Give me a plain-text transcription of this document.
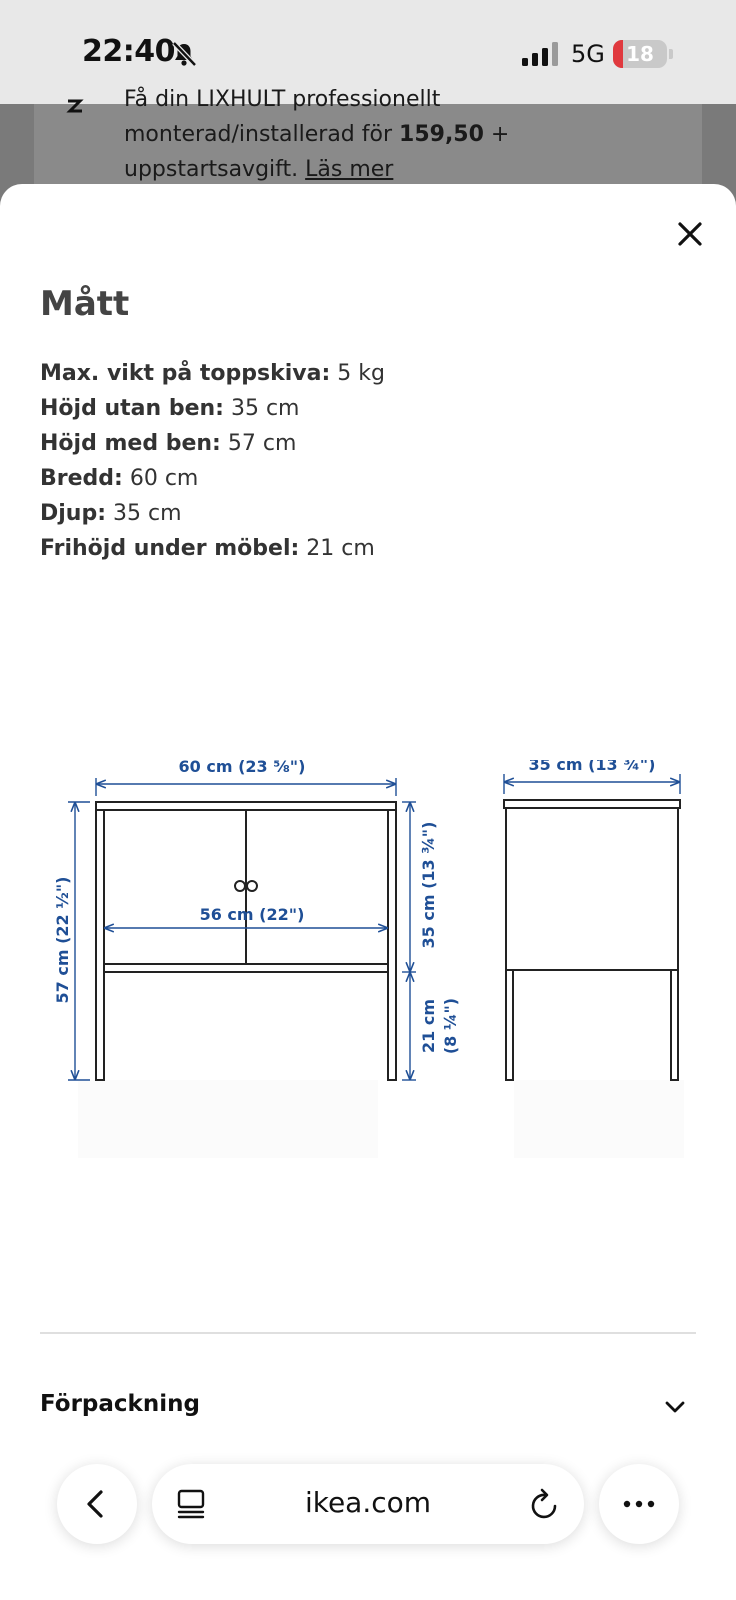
22:40	5G	18
Få din LIXHULT professionellt
monterad/installerad för 159,50 +
uppstartsavgift. Läs mer
Mått
Max. vikt på toppskiva: 5 kg
Höjd utan ben: 35 cm
Höjd med ben: 57 cm
Bredd: 60 cm
Djup: 35 cm
Frihöjd under möbel: 21 cm
60 cm (23 ⅝")
56 cm (22")
57 cm (22 ½")	35 cm (13 ¾")
21 cm (8 ¼")
35 cm (13 ¾")
Förpackning
ikea.com
